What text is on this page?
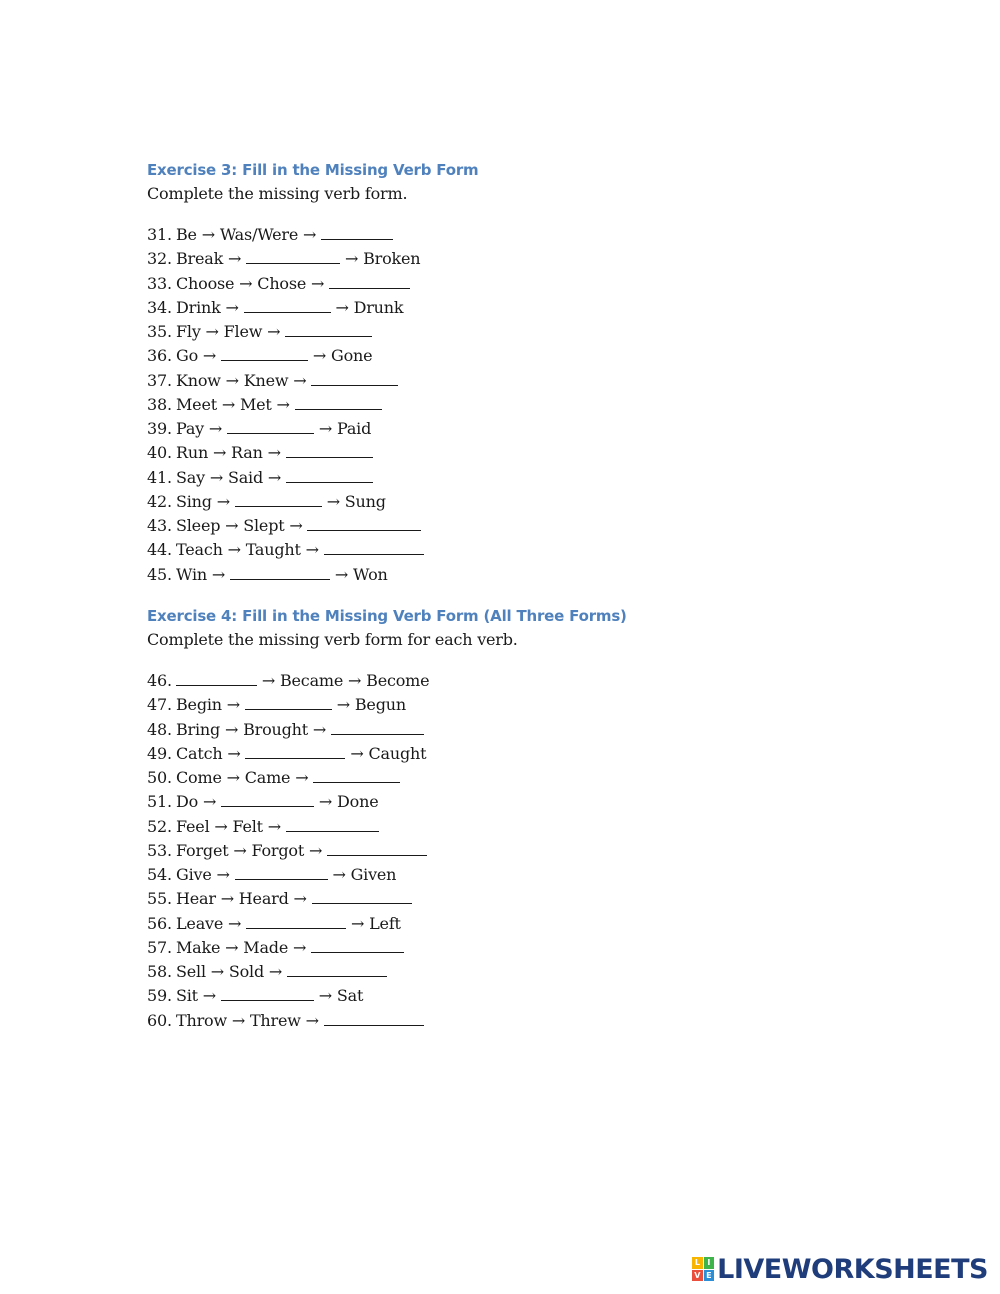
Exercise 3: Fill in the Missing Verb Form
Complete the missing verb form.
31. Be → Was/Were →
32. Break →	→ Broken
33. Choose → Chose →
34. Drink →	→ Drunk
35. Fly → Flew →
36. Go →	→ Gone
37. Know → Knew →
38. Meet → Met →
39. Pay →	→ Paid
40. Run → Ran →
41. Say → Said →
42. Sing →	→ Sung
43. Sleep → Slept →
44. Teach → Taught →
45. Win →	→ Won
Exercise 4: Fill in the Missing Verb Form (All Three Forms)
Complete the missing verb form for each verb.
46.	→ Became → Become
47. Begin →	→ Begun
48. Bring → Brought →
49. Catch →	→ Caught
50. Come → Came →
51. Do →	→ Done
52. Feel → Felt →
53. Forget → Forgot →
54. Give →	→ Given
55. Hear → Heard →
56. Leave →	→ Left
57. Make → Made →
58. Sell → Sold →
59. Sit →	→ Sat
60. Throw → Threw →
L I
V E LIVEWORKSHEETS
